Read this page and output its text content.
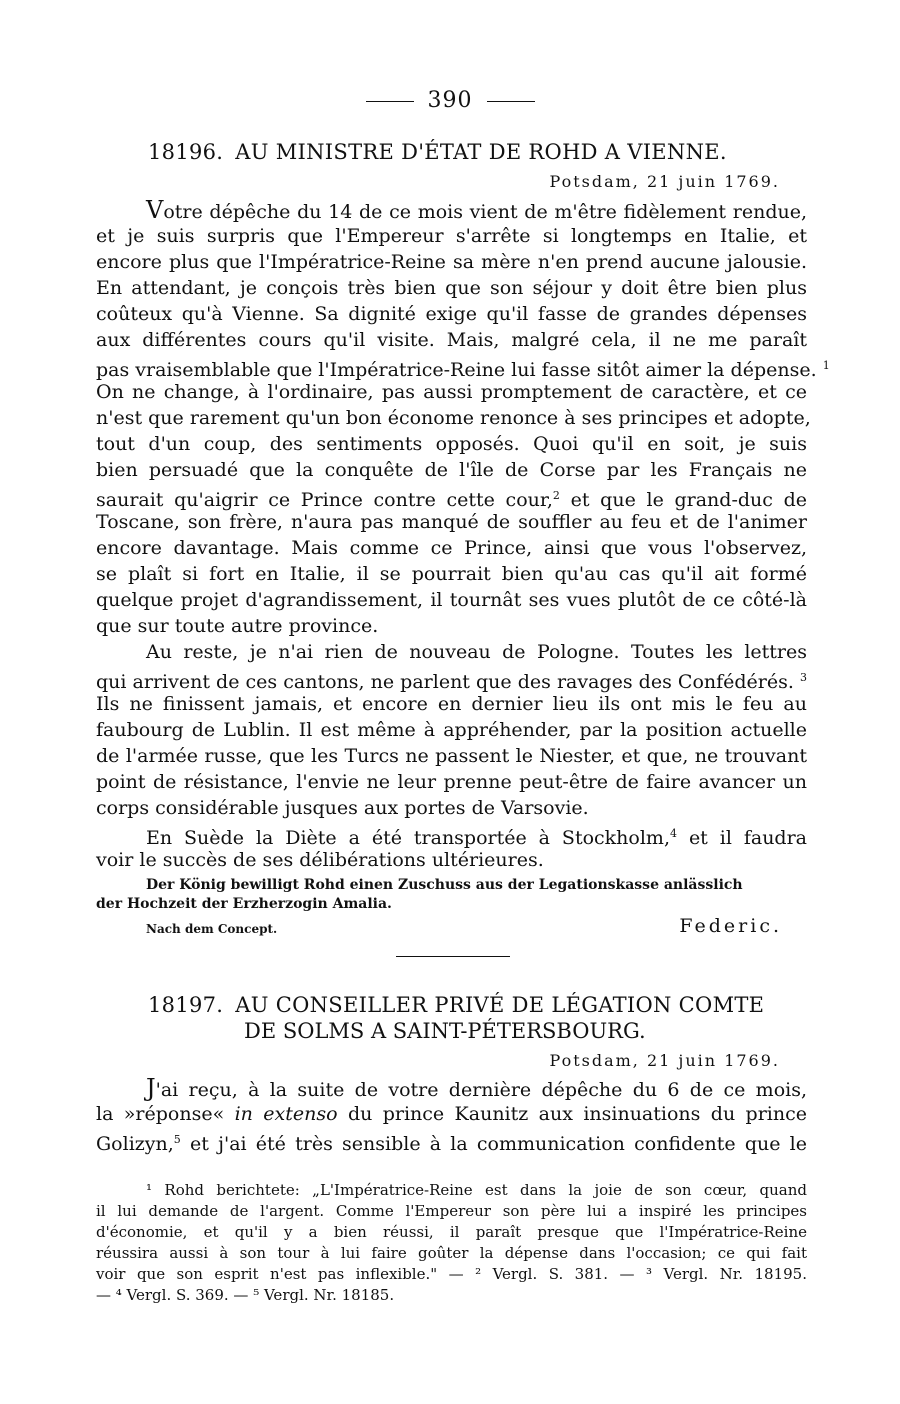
390
18196. AU MINISTRE D'ÉTAT DE ROHD A VIENNE.
Potsdam, 21 juin 1769.
Votre dépêche du 14 de ce mois vient de m'être fidèlement rendue,
et je suis surpris que l'Empereur s'arrête si longtemps en Italie, et
encore plus que l'Impératrice-Reine sa mère n'en prend aucune jalousie.
En attendant, je conçois très bien que son séjour y doit être bien plus
coûteux qu'à Vienne. Sa dignité exige qu'il fasse de grandes dépenses
aux différentes cours qu'il visite. Mais, malgré cela, il ne me paraît
pas vraisemblable que l'Impératrice-Reine lui fasse sitôt aimer la dépense. $^1$
On ne change, à l'ordinaire, pas aussi promptement de caractère, et ce
n'est que rarement qu'un bon économe renonce à ses principes et adopte,
tout d'un coup, des sentiments opposés. Quoi qu'il en soit, je suis
bien persuadé que la conquête de l'île de Corse par les Français ne
saurait qu'aigrir ce Prince contre cette cour,$^2$ et que le grand-duc de
Toscane, son frère, n'aura pas manqué de souffler au feu et de l'animer
encore davantage. Mais comme ce Prince, ainsi que vous l'observez,
se plaît si fort en Italie, il se pourrait bien qu'au cas qu'il ait formé
quelque projet d'agrandissement, il tournât ses vues plutôt de ce côté-là
que sur toute autre province.
Au reste, je n'ai rien de nouveau de Pologne. Toutes les lettres
qui arrivent de ces cantons, ne parlent que des ravages des Confédérés. $^3$
Ils ne finissent jamais, et encore en dernier lieu ils ont mis le feu au
faubourg de Lublin. Il est même à appréhender, par la position actuelle
de l'armée russe, que les Turcs ne passent le Niester, et que, ne trouvant
point de résistance, l'envie ne leur prenne peut-être de faire avancer un
corps considérable jusques aux portes de Varsovie.
En Suède la Diète a été transportée à Stockholm,$^4$ et il faudra
voir le succès de ses délibérations ultérieures.
Der König bewilligt Rohd einen Zuschuss aus der Legationskasse anlässlich
der Hochzeit der Erzherzogin Amalia.
Nach dem Concept.	Federic.
18197. AU CONSEILLER PRIVÉ DE LÉGATION COMTE
DE SOLMS A SAINT-PÉTERSBOURG.
Potsdam, 21 juin 1769.
J'ai reçu, à la suite de votre dernière dépêche du 6 de ce mois,
la »réponse« in extenso du prince Kaunitz aux insinuations du prince
Golizyn,$^5$ et j'ai été très sensible à la communication confidente que le
¹ Rohd berichtete: „L'Impératrice-Reine est dans la joie de son cœur, quand
il lui demande de l'argent. Comme l'Empereur son père lui a inspiré les principes
d'économie, et qu'il y a bien réussi, il paraît presque que l'Impératrice-Reine
réussira aussi à son tour à lui faire goûter la dépense dans l'occasion; ce qui fait
voir que son esprit n'est pas inflexible." — ² Vergl. S. 381. — ³ Vergl. Nr. 18195.
— ⁴ Vergl. S. 369. — ⁵ Vergl. Nr. 18185.
